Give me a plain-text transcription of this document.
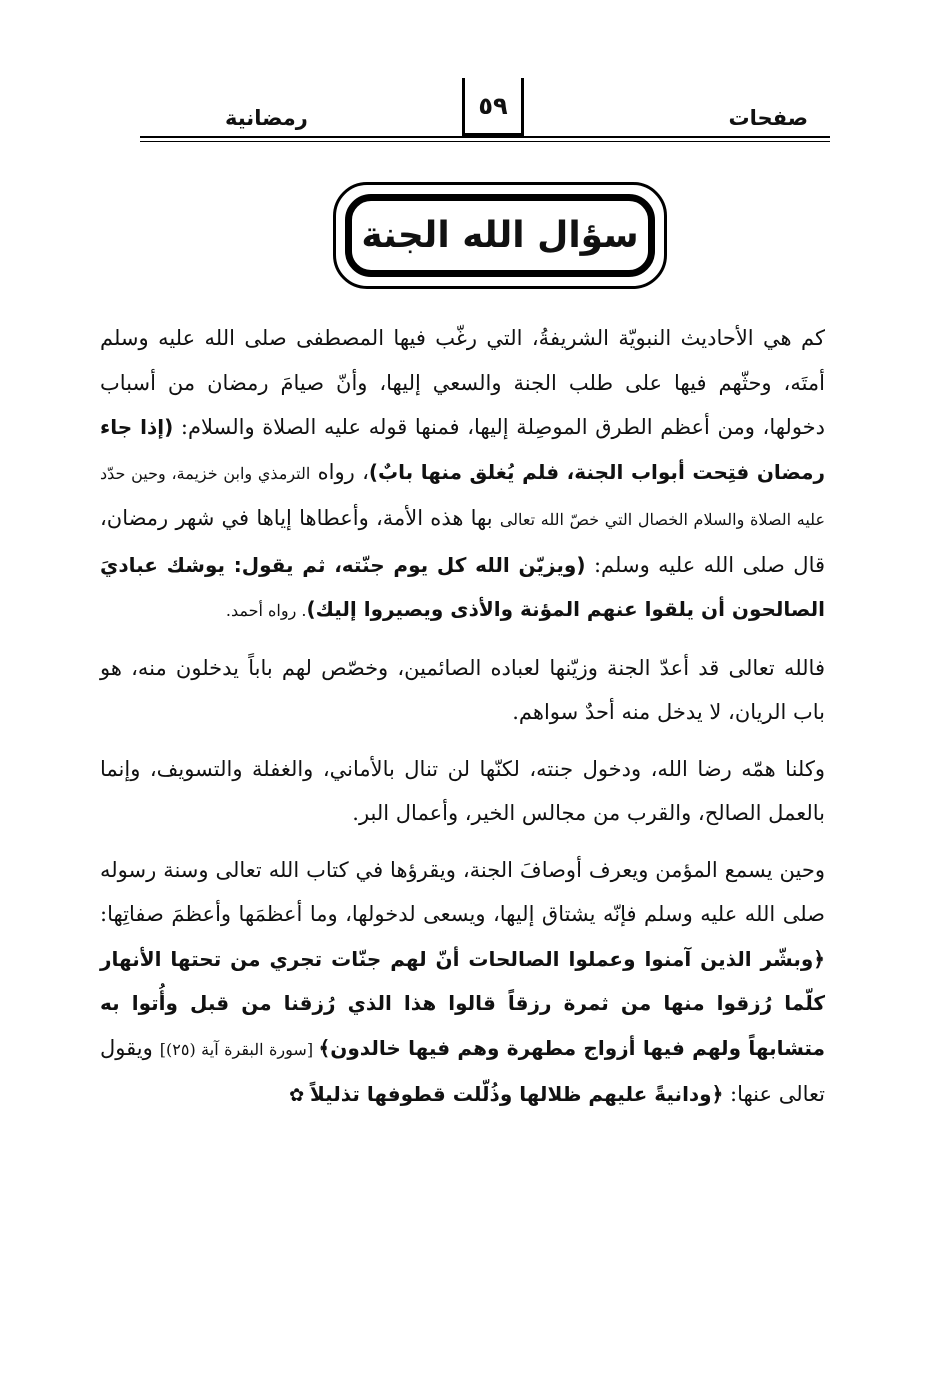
صفحات
٥٩
رمضانية
سؤال الله الجنة

كم هي الأحاديث النبويّة الشريفةُ، التي رغّب فيها المصطفى صلى الله عليه وسلم أمتَه، وحثّهم فيها على طلب الجنة والسعي إليها، وأنّ صيامَ رمضان من أسباب دخولها، ومن أعظم الطرق الموصِلة إليها، فمنها قوله عليه الصلاة والسلام: (إذا جاء رمضان فتِحت أبواب الجنة، فلم يُغلق منها بابٌ)، رواه الترمذي وابن خزيمة، وحين حدّد عليه الصلاة والسلام الخصال التي خصّ الله تعالى بها هذه الأمة، وأعطاها إياها في شهر رمضان، قال صلى الله عليه وسلم: (ويزيّن الله كل يوم جنّته، ثم يقول: يوشك عباديَ الصالحون أن يلقوا عنهم المؤنة والأذى ويصيروا إليك). رواه أحمد.

فالله تعالى قد أعدّ الجنة وزيّنها لعباده الصائمين، وخصّص لهم باباً يدخلون منه، هو باب الريان، لا يدخل منه أحدٌ سواهم.

وكلنا همّه رضا الله، ودخول جنته، لكنّها لن تنال بالأماني، والغفلة والتسويف، وإنما بالعمل الصالح، والقرب من مجالس الخير، وأعمال البر.

وحين يسمع المؤمن ويعرف أوصافَ الجنة، ويقرؤها في كتاب الله تعالى وسنة رسوله صلى الله عليه وسلم فإنّه يشتاق إليها، ويسعى لدخولها، وما أعظمَها وأعظمَ صفاتِها: ﴿وبشّر الذين آمنوا وعملوا الصالحات أنّ لهم جنّات تجري من تحتها الأنهار كلّما رُزقوا منها من ثمرة رزقاً قالوا هذا الذي رُزقنا من قبل وأُتوا به متشابهاً ولهم فيها أزواج مطهرة وهم فيها خالدون﴾ [سورة البقرة آية (٢٥)] ويقول تعالى عنها: ﴿ودانيةً عليهم ظلالها وذُلّلت قطوفها تذليلاً ✿
